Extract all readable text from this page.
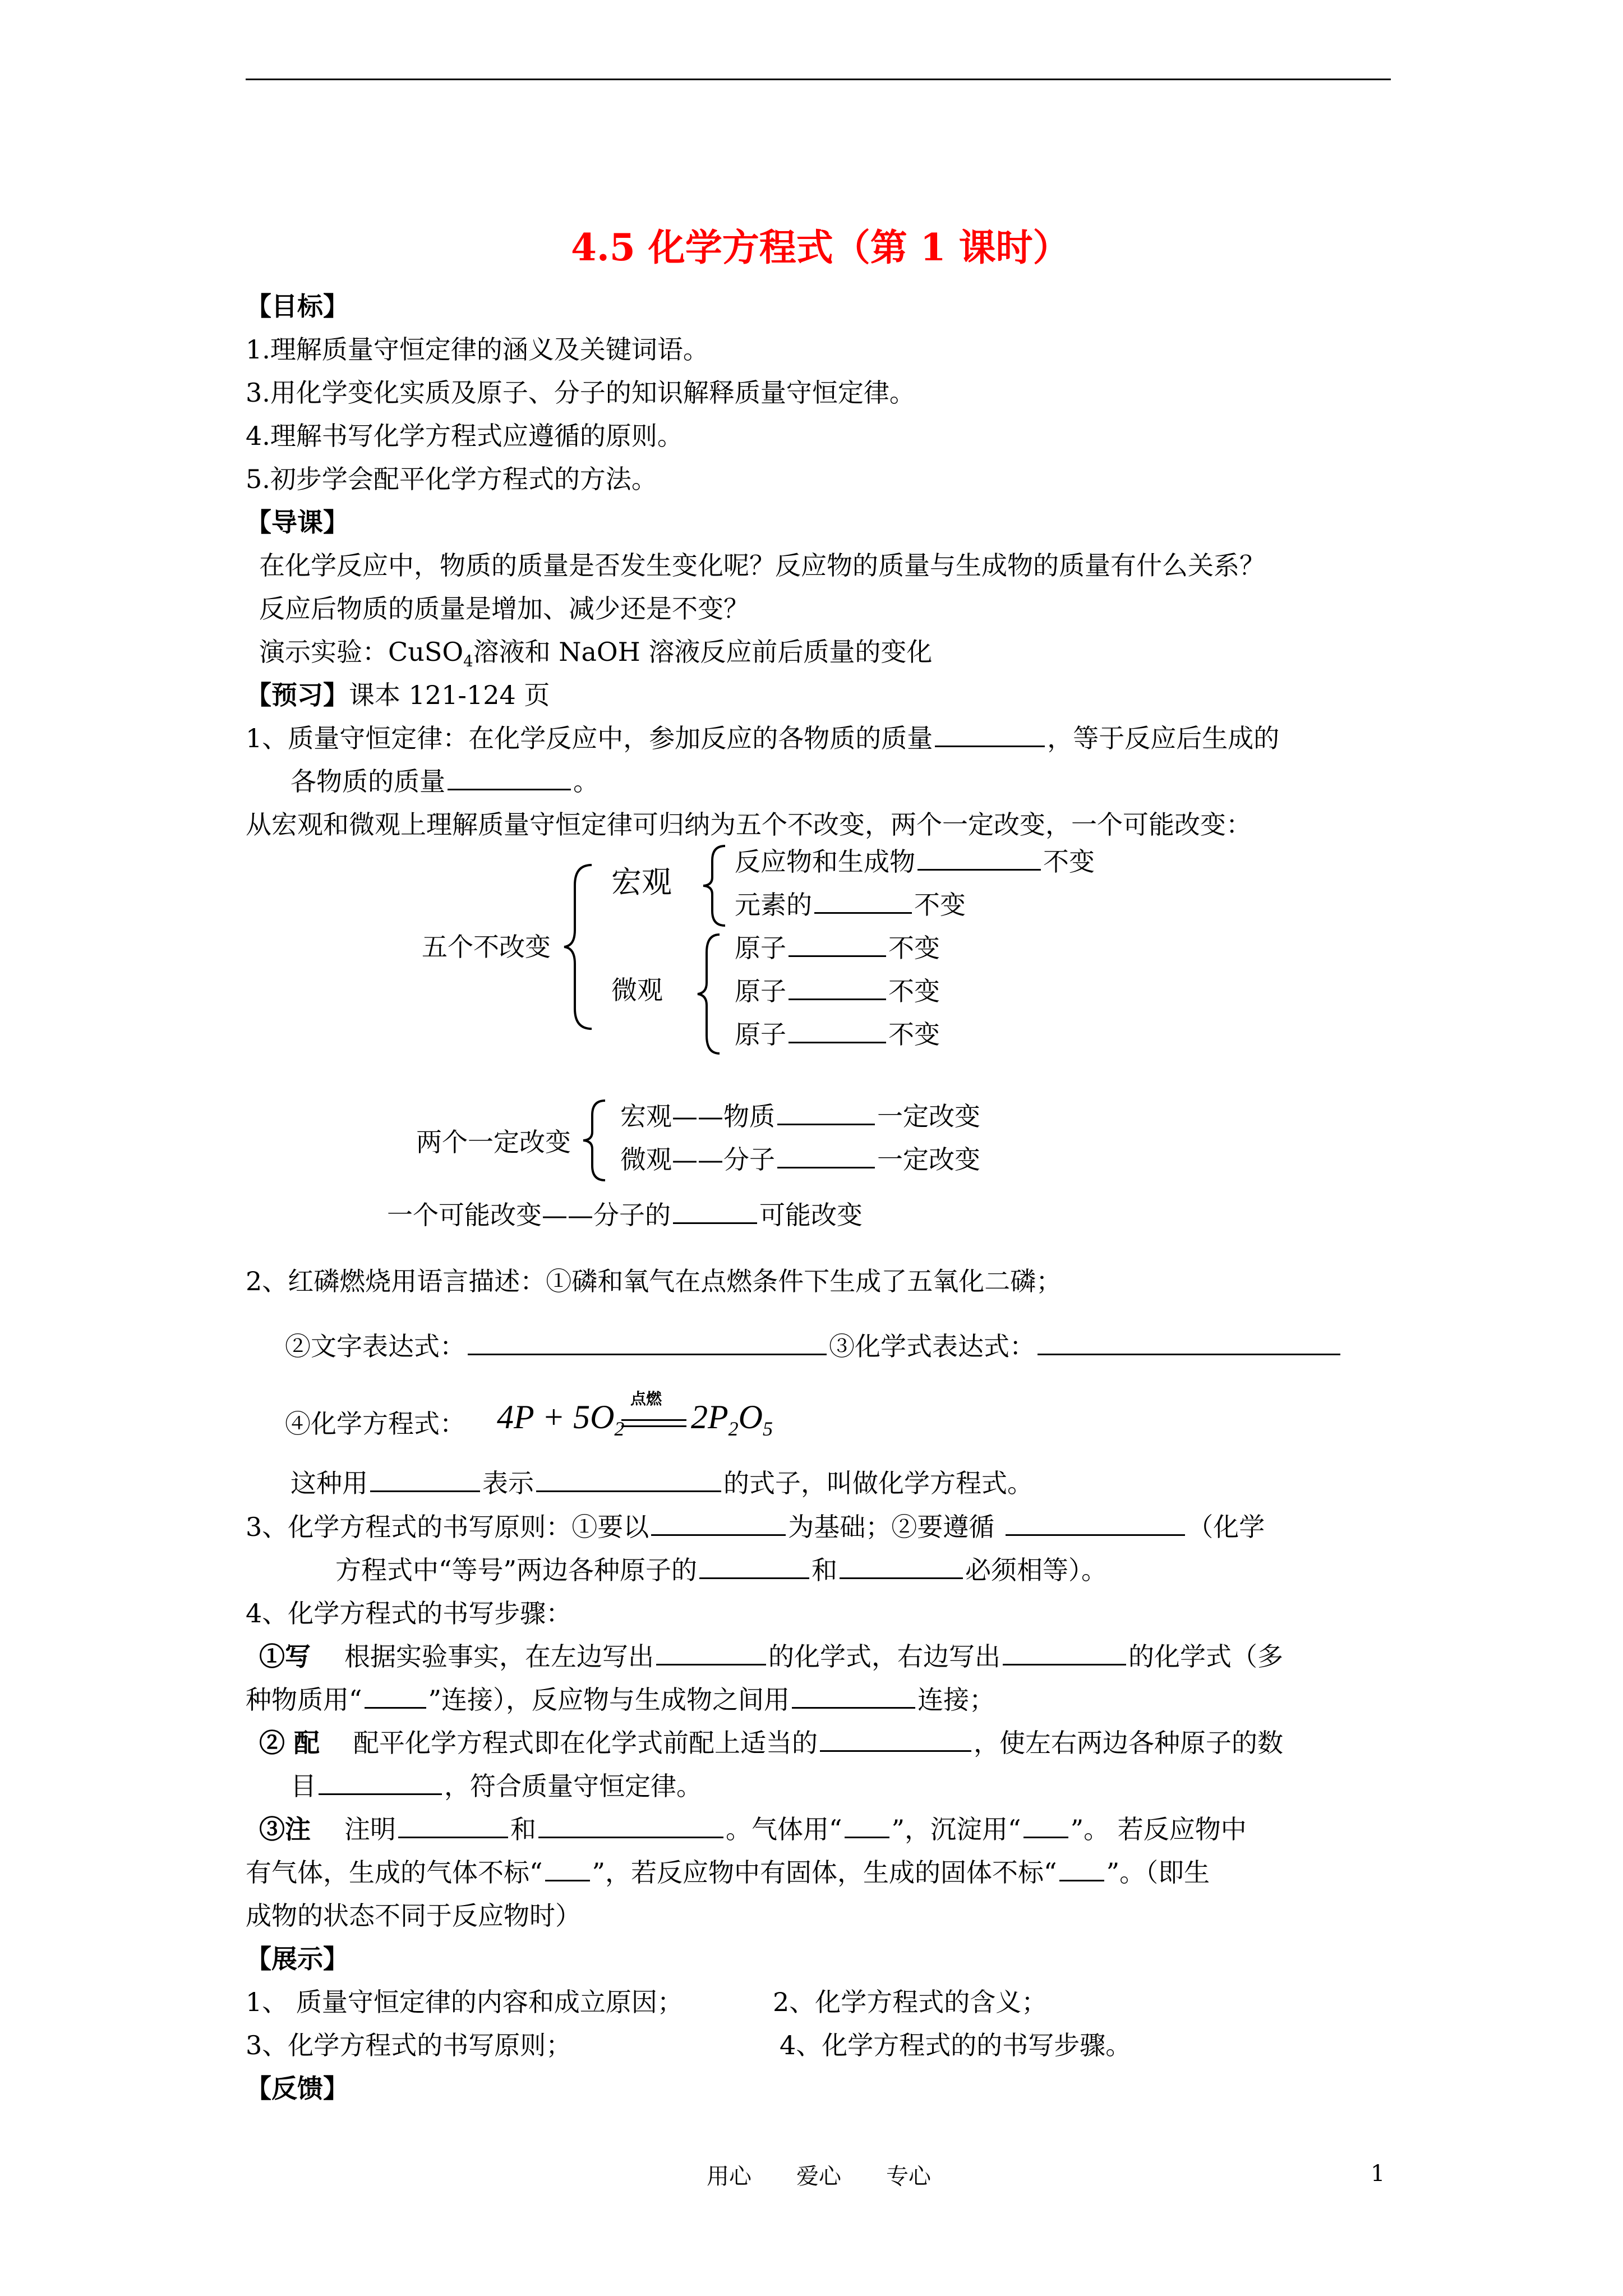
4.5 化学方程式（第 1 课时）
【目标】
1.理解质量守恒定律的涵义及关键词语。
3.用化学变化实质及原子、分子的知识解释质量守恒定律。
4.理解书写化学方程式应遵循的原则。
5.初步学会配平化学方程式的方法。
【导课】
在化学反应中，物质的质量是否发生变化呢？反应物的质量与生成物的质量有什么关系？
反应后物质的质量是增加、减少还是不变？
演示实验：CuSO$_4$溶液和 NaOH 溶液反应前后质量的变化
【预习】课本 121-124 页
1、质量守恒定律：在化学反应中，参加反应的各物质的质量	，等于反应后生成的
各物质的质量	。
从宏观和微观上理解质量守恒定律可归纳为五个不改变，两个一定改变，一个可能改变：
五个不改变
宏观
微观
反应物和生成物	不变
元素的	不变
原子	不变
原子	不变
原子	不变
两个一定改变
宏观——物质	一定改变
微观——分子	一定改变
一个可能改变——分子的	可能改变
2、红磷燃烧用语言描述：①磷和氧气在点燃条件下生成了五氧化二磷；
②文字表达式：	③化学式表达式：
④化学方程式： $4P + 5O_2$
点燃 $2P_2O_5$
这种用	表示	的式子，叫做化学方程式。
3、化学方程式的书写原则：①要以	为基础；②要遵循	（化学
方程式中“等号”两边各种原子的	和	必须相等）。
4、化学方程式的书写步骤：
①写 根据实验事实，在左边写出	的化学式，右边写出	的化学式（多
种物质用“	”连接），反应物与生成物之间用	连接；
② 配 配平化学方程式即在化学式前配上适当的	，使左右两边各种原子的数
目	，符合质量守恒定律。
③注 注明	和	。气体用“ ”，沉淀用“ ”。 若反应物中
有气体，生成的气体不标“ ”，若反应物中有固体，生成的固体不标“ ”。（即生
成物的状态不同于反应物时）
【展示】
1、 质量守恒定律的内容和成立原因；	2、化学方程式的含义；
3、化学方程式的书写原则；	4、化学方程式的的书写步骤。
【反馈】
用心　　爱心　　专心	1
